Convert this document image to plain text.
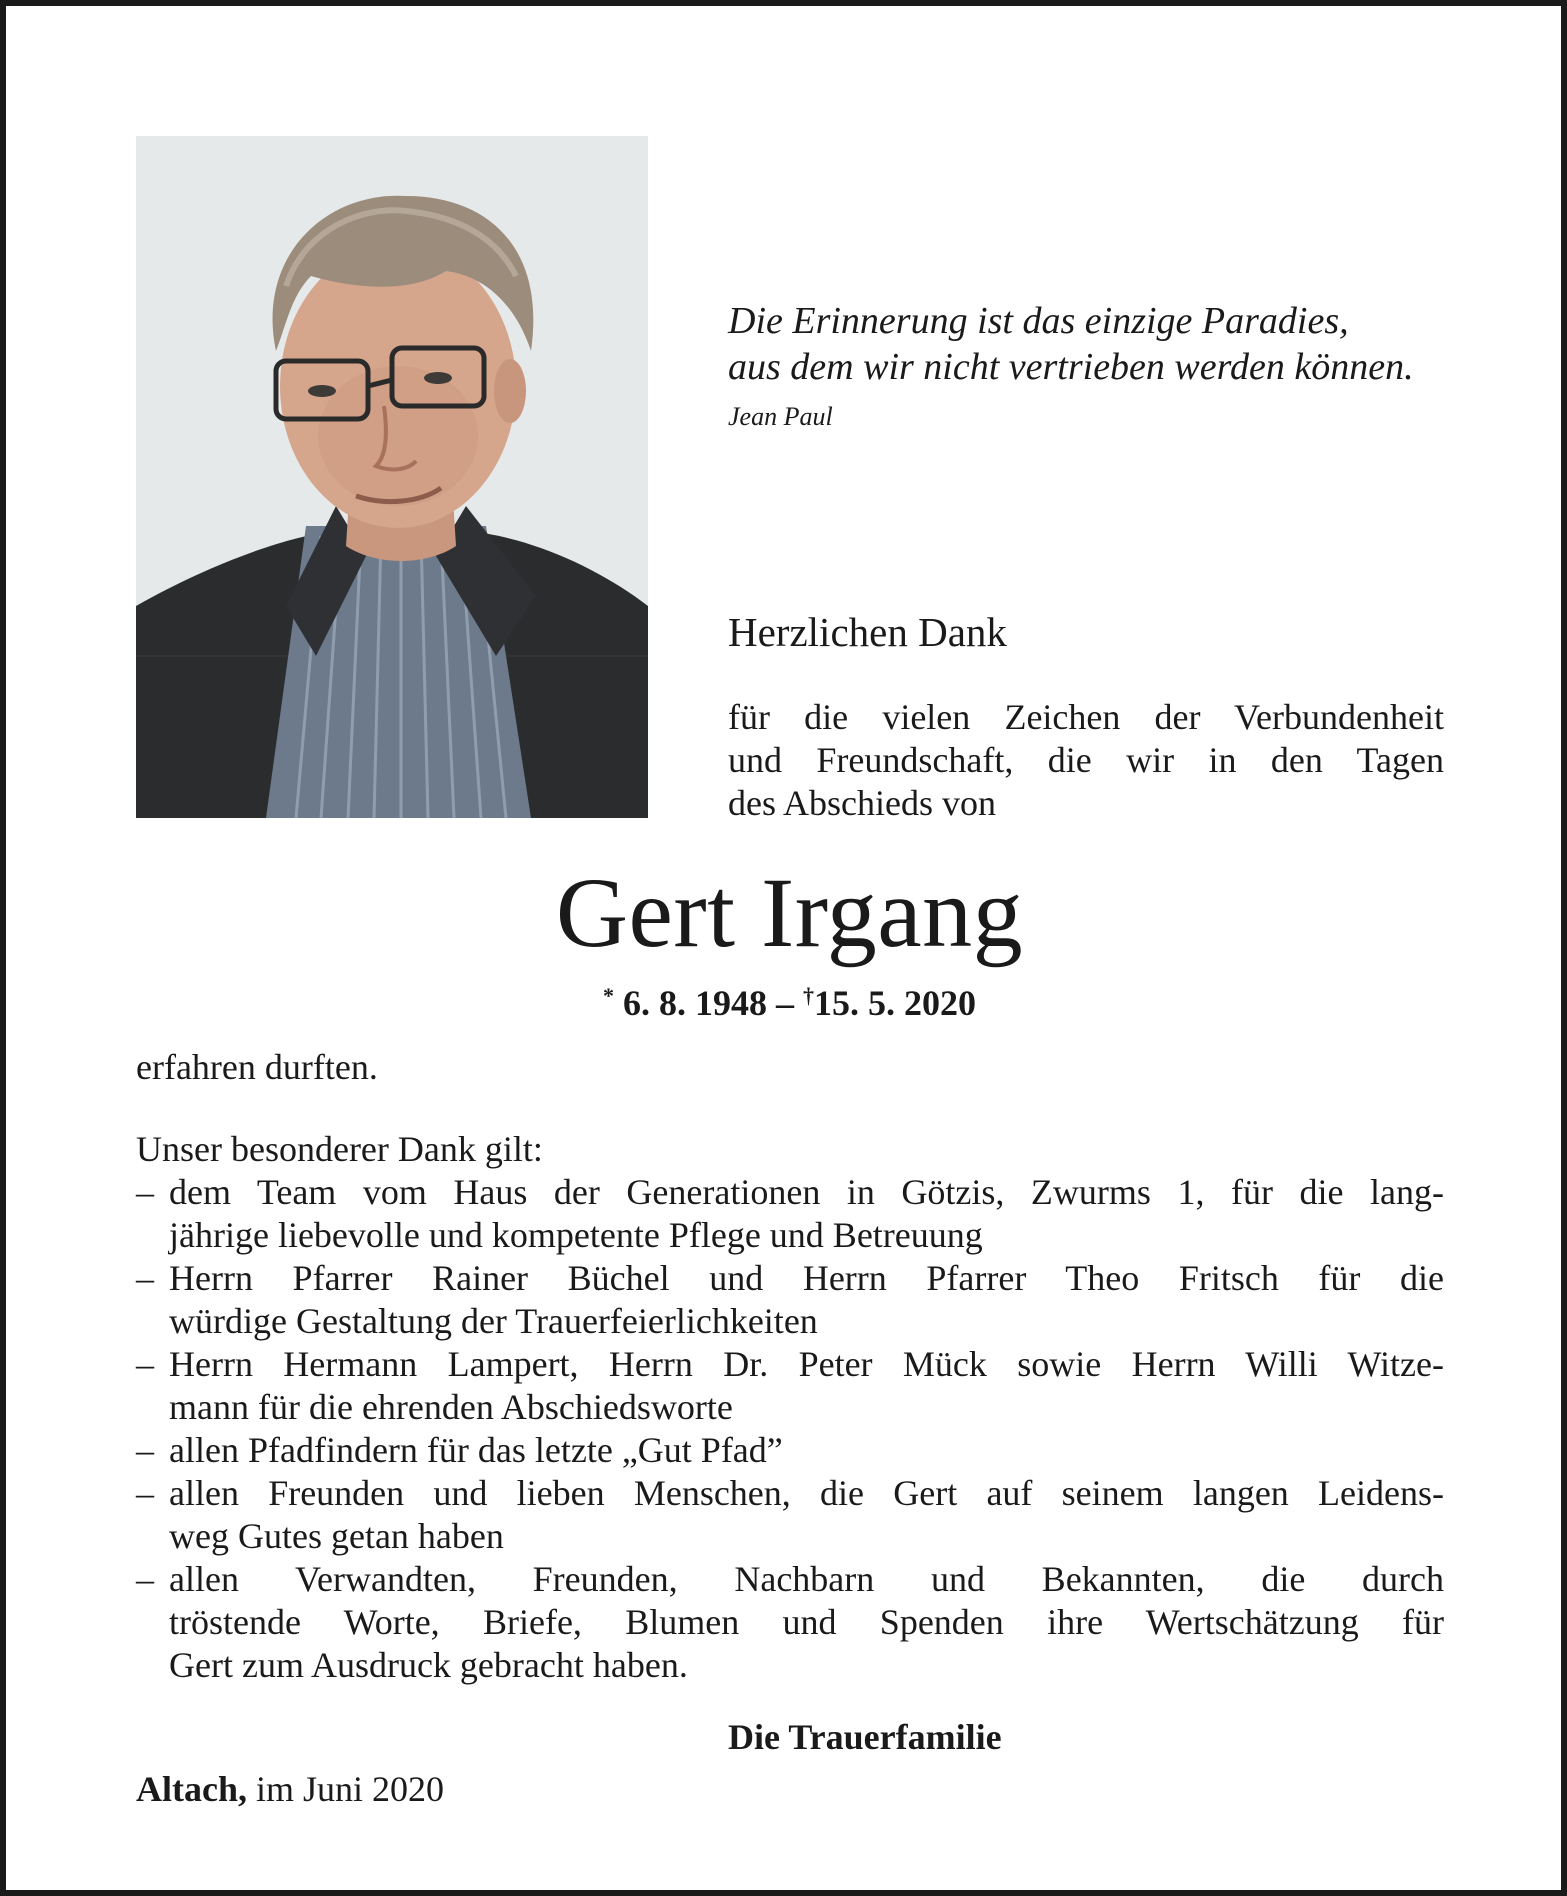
Die Erinnerung ist das einzige Paradies,
aus dem wir nicht vertrieben werden können.
Jean Paul
Herzlichen Dank
für die vielen Zeichen der Verbundenheit
und Freundschaft, die wir in den Tagen
des Abschieds von
Gert Irgang
* 6. 8. 1948 – †15. 5. 2020
erfahren durften.
Unser besonderer Dank gilt:
– dem Team vom Haus der Generationen in Götzis, Zwurms 1, für die lang-
jährige liebevolle und kompetente Pflege und Betreuung
– Herrn Pfarrer Rainer Büchel und Herrn Pfarrer Theo Fritsch für die
würdige Gestaltung der Trauerfeierlichkeiten
– Herrn Hermann Lampert, Herrn Dr. Peter Mück sowie Herrn Willi Witze-
mann für die ehrenden Abschiedsworte
– allen Pfadfindern für das letzte „Gut Pfad”
– allen Freunden und lieben Menschen, die Gert auf seinem langen Leidens-
weg Gutes getan haben
– allen Verwandten, Freunden, Nachbarn und Bekannten, die durch
tröstende Worte, Briefe, Blumen und Spenden ihre Wertschätzung für
Gert zum Ausdruck gebracht haben.
Die Trauerfamilie
Altach, im Juni 2020
